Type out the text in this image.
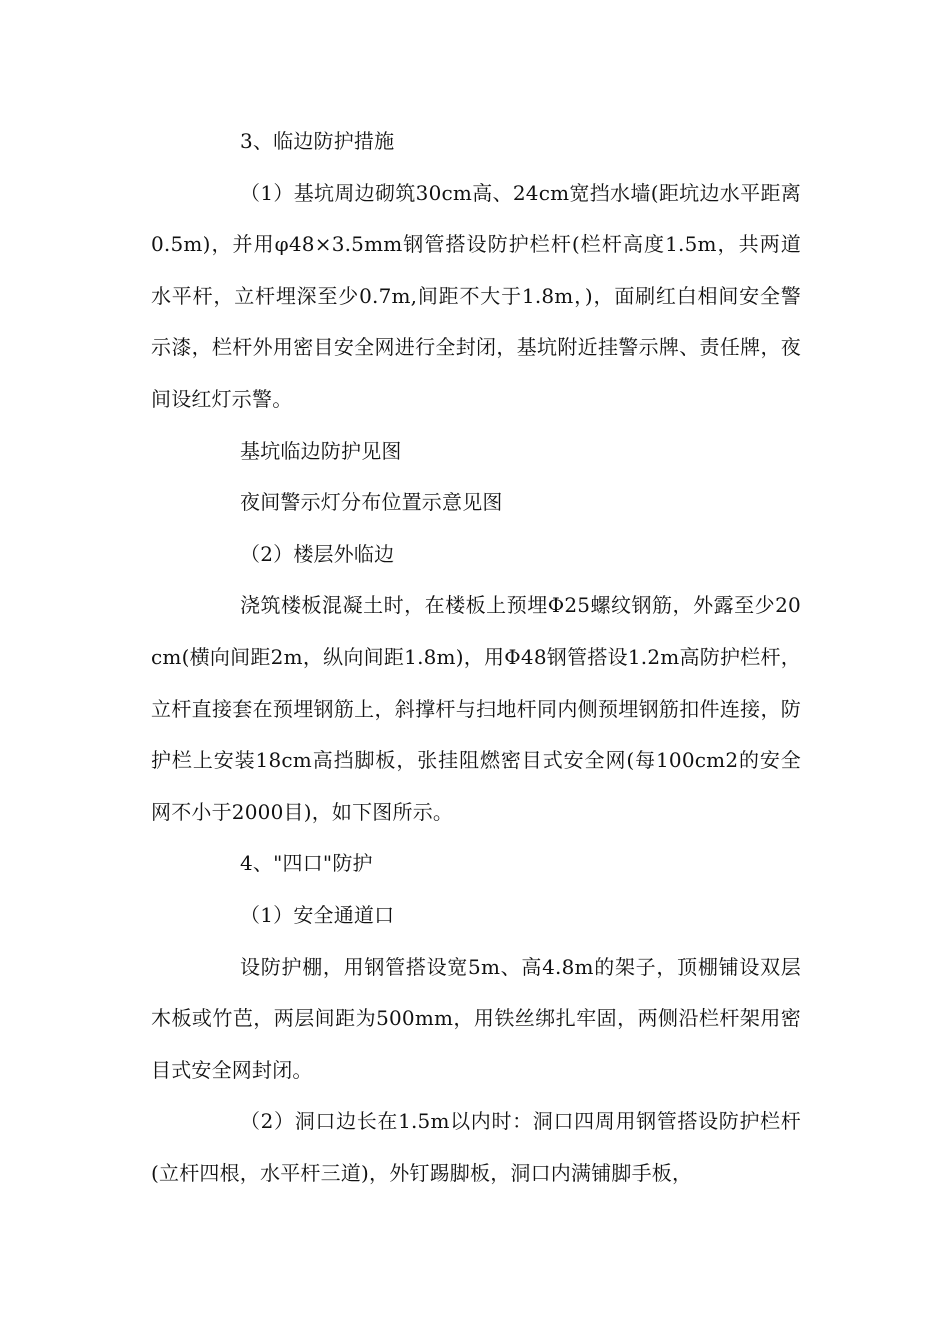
3、临边防护措施

（1）基坑周边砌筑30cm高、24cm宽挡水墙(距坑边水平距离0.5m)，并用φ48×3.5mm钢管搭设防护栏杆(栏杆高度1.5m，共两道水平杆，立杆埋深至少0.7m,间距不大于1.8m，)，面刷红白相间安全警示漆，栏杆外用密目安全网进行全封闭，基坑附近挂警示牌、责任牌，夜间设红灯示警。

基坑临边防护见图

夜间警示灯分布位置示意见图

（2）楼层外临边

浇筑楼板混凝土时，在楼板上预埋Φ25螺纹钢筋，外露至少20cm(横向间距2m，纵向间距1.8m)，用Φ48钢管搭设1.2m高防护栏杆，立杆直接套在预埋钢筋上，斜撑杆与扫地杆同内侧预埋钢筋扣件连接，防护栏上安装18cm高挡脚板，张挂阻燃密目式安全网(每100cm2的安全网不小于2000目)，如下图所示。

4、"四口"防护

（1）安全通道口

设防护棚，用钢管搭设宽5m、高4.8m的架子，顶棚铺设双层木板或竹芭，两层间距为500mm，用铁丝绑扎牢固，两侧沿栏杆架用密目式安全网封闭。

（2）洞口边长在1.5m以内时：洞口四周用钢管搭设防护栏杆(立杆四根，水平杆三道)，外钉踢脚板，洞口内满铺脚手板，
